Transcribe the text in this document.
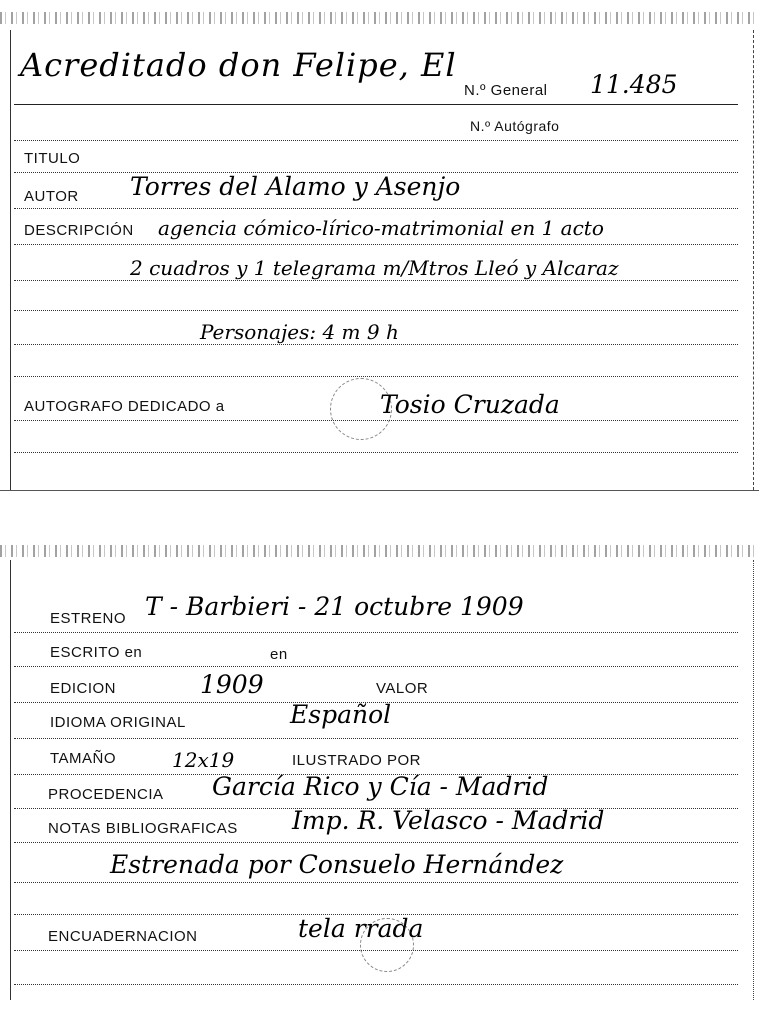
Acreditado don Felipe, El
N.º General 11.485
N.º Autógrafo
TITULO
AUTOR Torres del Alamo y Asenjo
DESCRIPCIÓN agencia cómico-lírico-matrimonial en 1 acto
2 cuadros y 1 telegrama m/Mtros Lleó y Alcaraz
Personajes: 4 m 9 h
AUTOGRAFO DEDICADO a	Tosio Cruzada
ESTRENO T - Barbieri - 21 octubre 1909
ESCRITO en	en
EDICION	1909	VALOR
IDIOMA ORIGINAL	Español
TAMAÑO	12x19	ILUSTRADO POR
PROCEDENCIA García Rico y Cía - Madrid
NOTAS BIBLIOGRAFICAS Imp. R. Velasco - Madrid
Estrenada por Consuelo Hernández
ENCUADERNACION	tela rrada
